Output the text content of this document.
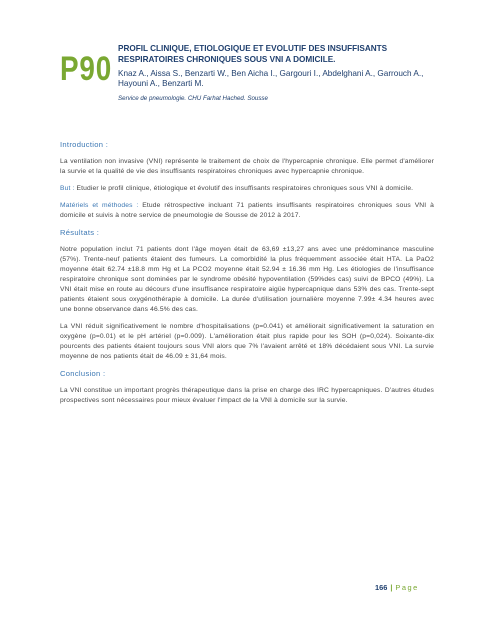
P90

PROFIL CLINIQUE, ETIOLOGIQUE ET EVOLUTIF DES INSUFFISANTS RESPIRATOIRES CHRONIQUES SOUS VNI A DOMICILE.

Knaz A., Aissa S., Benzarti W., Ben Aicha I., Gargouri I., Abdelghani A., Garrouch A., Hayouni A., Benzarti M.

Service de pneumologie. CHU Farhat Hached. Sousse

Introduction :

La ventilation non invasive (VNI) représente le traitement de choix de l'hypercapnie chronique. Elle permet d'améliorer la survie et la qualité de vie des insuffisants respiratoires chroniques avec hypercapnie chronique.

But : Etudier le profil clinique, étiologique et évolutif des insuffisants respiratoires chroniques sous VNI à domicile.

Matériels et méthodes : Etude rétrospective incluant 71 patients insuffisants respiratoires chroniques sous VNI à domicile et suivis à notre service de pneumologie de Sousse de 2012 à 2017.

Résultats :

Notre population inclut 71 patients dont l'âge moyen était de 63,69 ±13,27 ans avec une prédominance masculine (57%). Trente-neuf patients étaient des fumeurs. La comorbidité la plus fréquemment associée était HTA. La PaO2 moyenne était 62.74 ±18.8 mm Hg et La PCO2 moyenne était 52.94 ± 16.36 mm Hg. Les étiologies de l'insuffisance respiratoire chronique sont dominées par le syndrome obésité hypoventilation (59%des cas) suivi de BPCO (49%). La VNI était mise en route au décours d'une insuffisance respiratoire aigüe hypercapnique dans 53% des cas. Trente-sept patients étaient sous oxygénothérapie à domicile. La durée d'utilisation journalière moyenne 7.99± 4.34 heures avec une bonne observance dans 46.5% des cas.

La VNI réduit significativement le nombre d'hospitalisations (p=0.041) et améliorait significativement la saturation en oxygène (p=0.01) et le pH artériel (p=0.009). L'amélioration était plus rapide pour les SOH (p=0,024). Soixante-dix pourcents des patients étaient toujours sous VNI alors que 7% l'avaient arrêté et 18% décédaient sous VNI. La survie moyenne de nos patients était de 46.09 ± 31,64 mois.

Conclusion :

La VNI constitue un important progrès thérapeutique dans la prise en charge des IRC hypercapniques. D'autres études prospectives sont nécessaires pour mieux évaluer l'impact de la VNI à domicile sur la survie.

166 | Page
